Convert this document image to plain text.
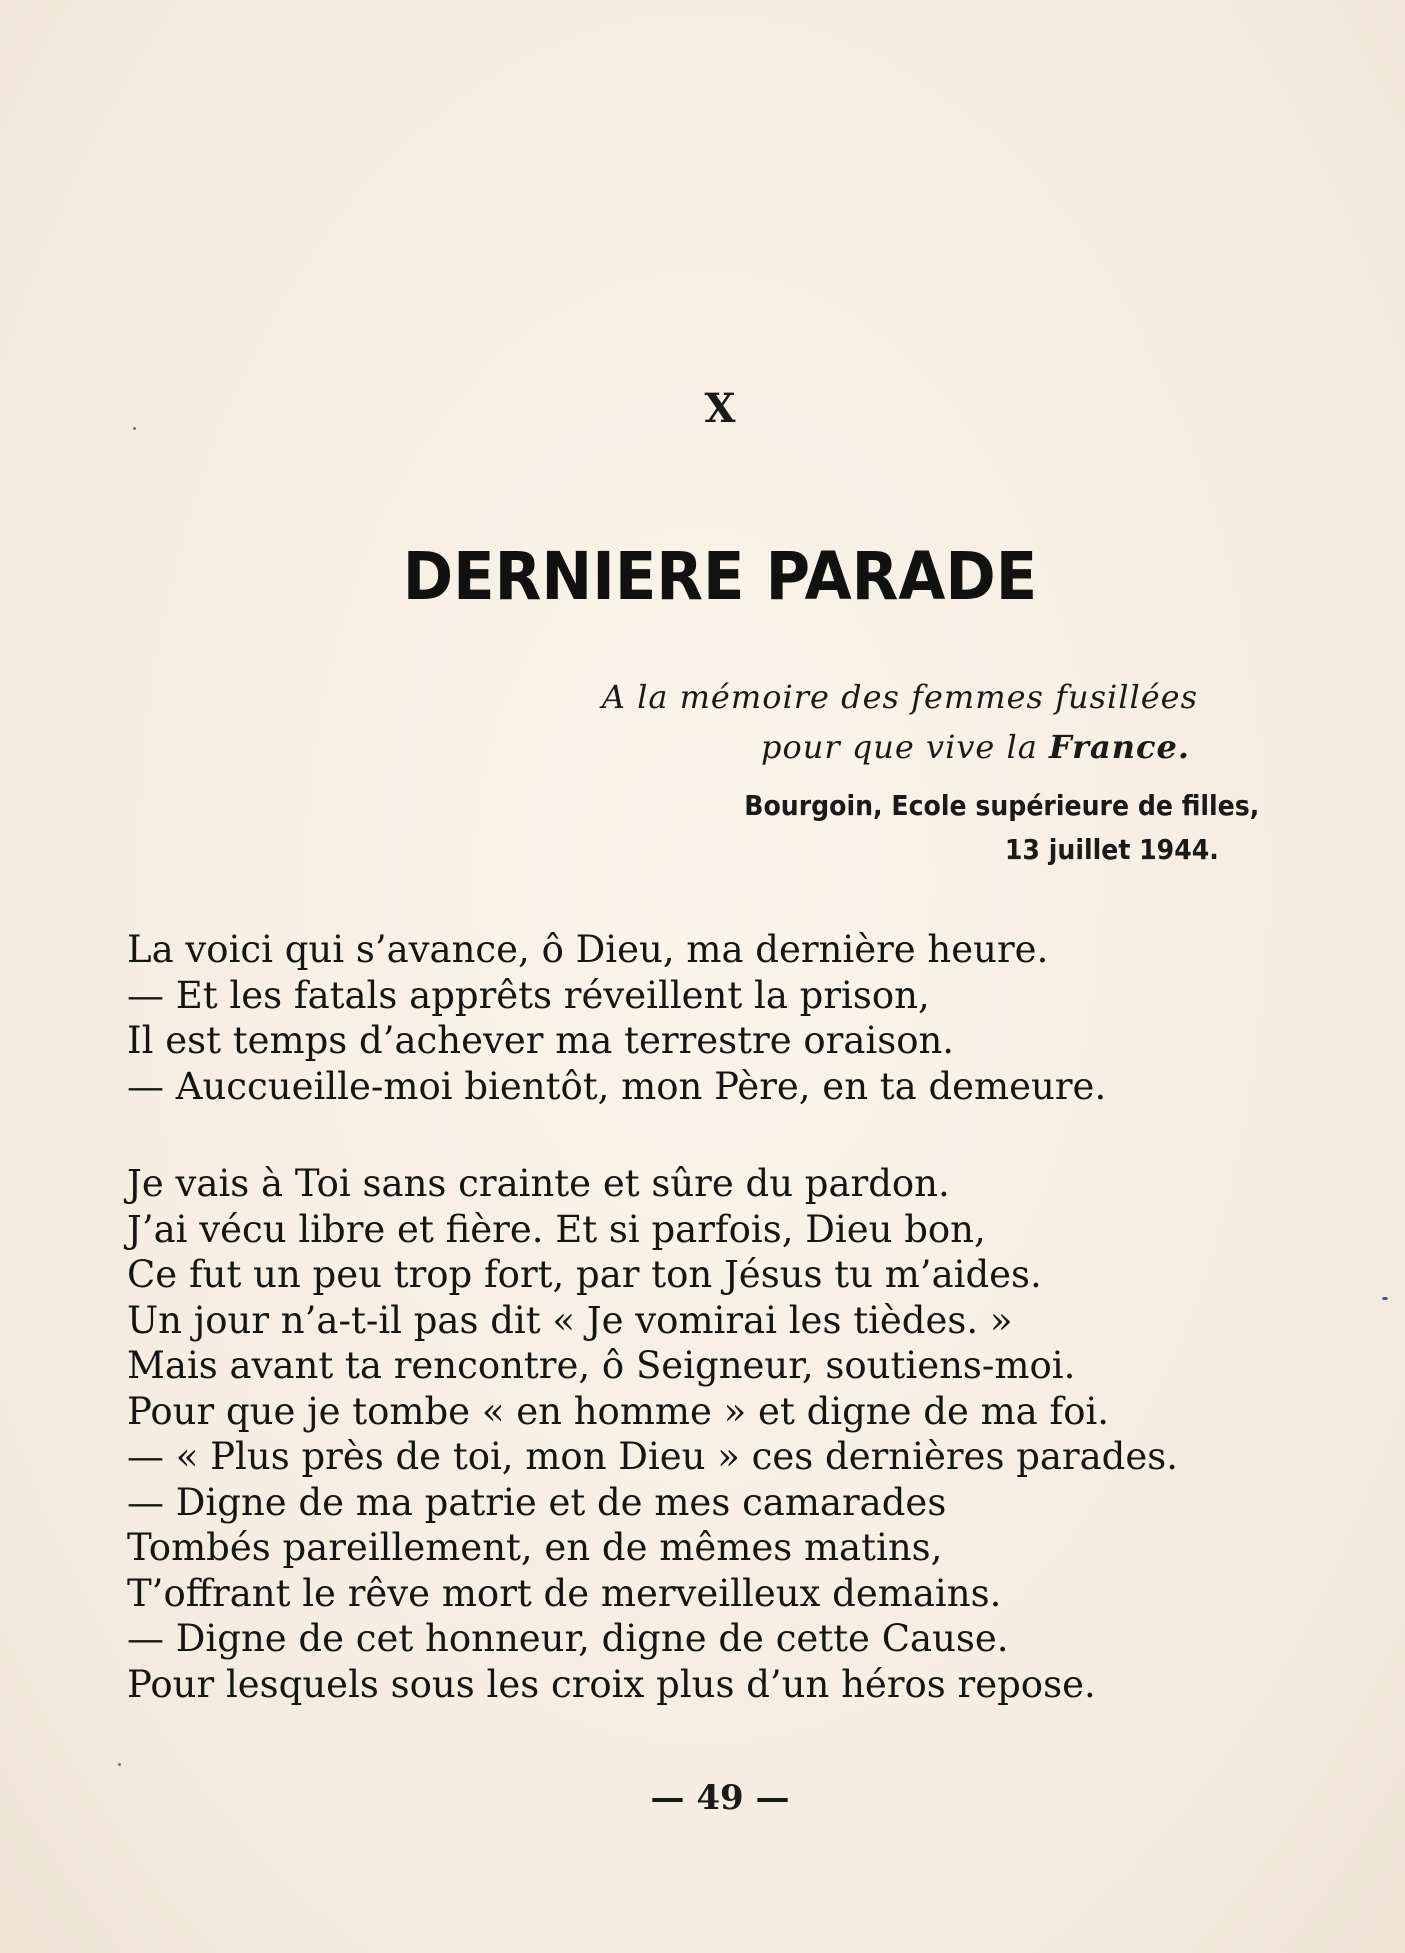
X
DERNIERE PARADE
A la mémoire des femmes fusillées
pour que vive la France.
Bourgoin, Ecole supérieure de filles,
13 juillet 1944.
La voici qui s’avance, ô Dieu, ma dernière heure.
— Et les fatals apprêts réveillent la prison,
Il est temps d’achever ma terrestre oraison.
— Auccueille-moi bientôt, mon Père, en ta demeure.
Je vais à Toi sans crainte et sûre du pardon.
J’ai vécu libre et fière. Et si parfois, Dieu bon,
Ce fut un peu trop fort, par ton Jésus tu m’aides.
Un jour n’a-t-il pas dit « Je vomirai les tièdes. »
Mais avant ta rencontre, ô Seigneur, soutiens-moi.
Pour que je tombe « en homme » et digne de ma foi.
— « Plus près de toi, mon Dieu » ces dernières parades.
— Digne de ma patrie et de mes camarades
Tombés pareillement, en de mêmes matins,
T’offrant le rêve mort de merveilleux demains.
— Digne de cet honneur, digne de cette Cause.
Pour lesquels sous les croix plus d’un héros repose.
— 49 —
